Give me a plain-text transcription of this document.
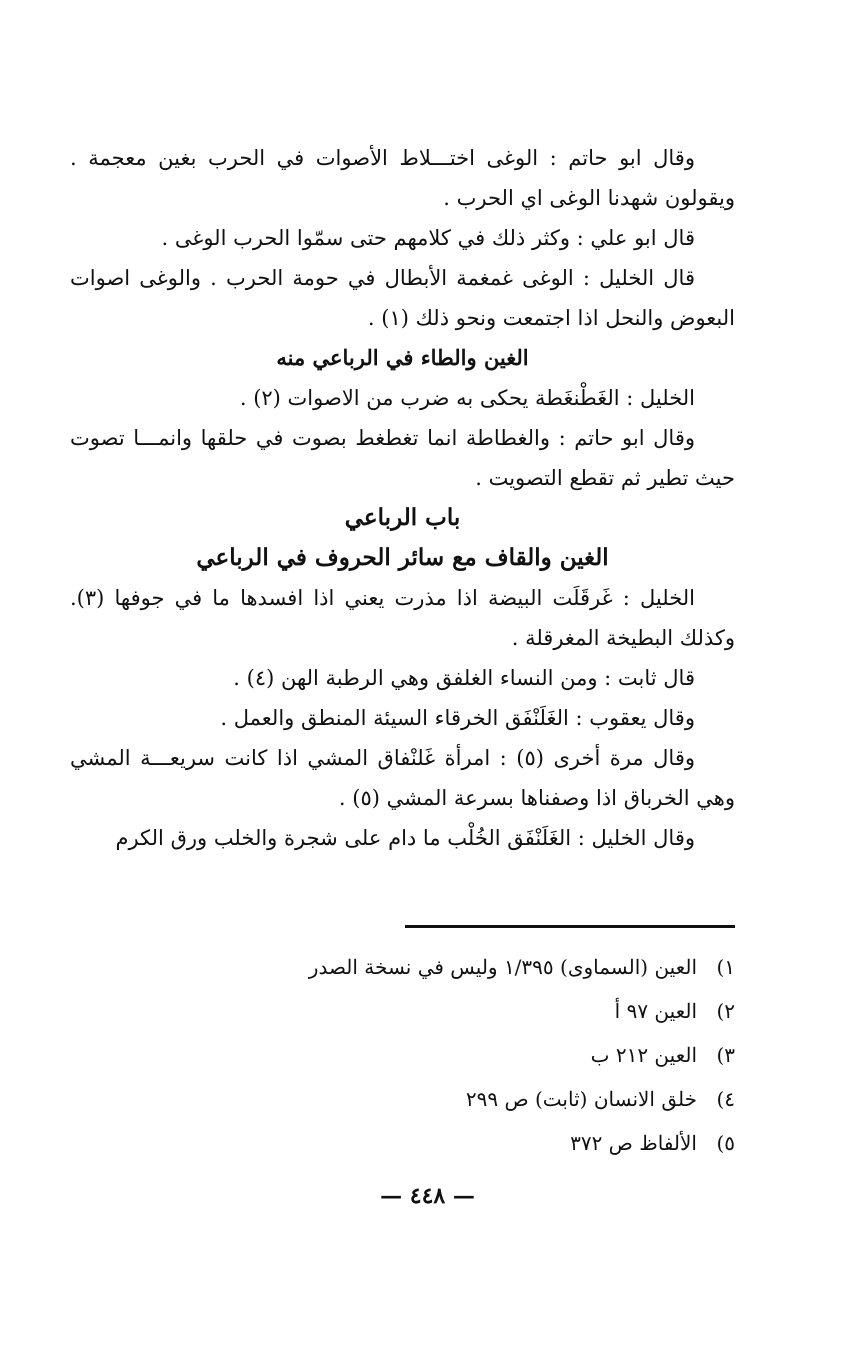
وقال ابو حاتم : الوغى اختـــلاط الأصوات في الحرب بغين معجمة . ويقولون شهدنا الوغى اي الحرب .

قال ابو علي : وكثر ذلك في كلامهم حتى سمّوا الحرب الوغى .

قال الخليل : الوغى غمغمة الأبطال في حومة الحرب . والوغى اصوات البعوض والنحل اذا اجتمعت ونحو ذلك (١) .

الغين والطاء في الرباعي منه

الخليل : الغَطْنغَطة يحكى به ضرب من الاصوات (٢) .

وقال ابو حاتم : والغطاطة انما تغطغط بصوت في حلقها وانمـــا تصوت حيث تطير ثم تقطع التصويت .

باب الرباعي

الغين والقاف مع سائر الحروف في الرباعي

الخليل : غَرقَلَت البيضة اذا مذرت يعني اذا افسدها ما في جوفها (٣). وكذلك البطيخة المغرقلة .

قال ثابت : ومن النساء الغلفق وهي الرطبة الهن (٤) .

وقال يعقوب : الغَلَنْفَق الخرقاء السيئة المنطق والعمل .

وقال مرة أخرى (٥) : امرأة غَلنْفاق المشي اذا كانت سريعـــة المشي وهي الخرباق اذا وصفناها بسرعة المشي (٥) .

وقال الخليل : الغَلَنْفَق الخُلْب ما دام على شجرة والخلب ورق الكرم

١)العين (السماوى) ١/٣٩٥ وليس في نسخة الصدر

٢)العين ٩٧ أ

٣)العين ٢١٢ ب

٤)خلق الانسان (ثابت) ص ٢٩٩

٥)الألفاظ ص ٣٧٢

— ٤٤٨ —
